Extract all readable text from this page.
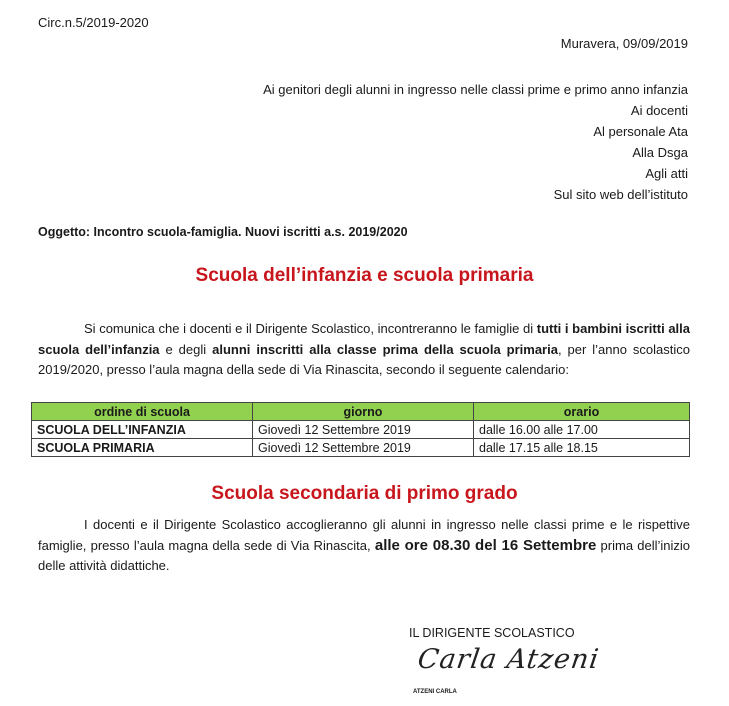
Circ.n.5/2019-2020
Muravera, 09/09/2019
Ai genitori degli alunni in ingresso nelle classi prime e primo anno infanzia
Ai docenti
Al personale Ata
Alla Dsga
Agli atti
Sul sito web dell’istituto
Oggetto: Incontro scuola-famiglia. Nuovi iscritti a.s. 2019/2020
Scuola dell’infanzia e scuola primaria
Si comunica che i docenti e il Dirigente Scolastico, incontreranno le famiglie di tutti i bambini iscritti alla scuola dell’infanzia e degli alunni inscritti alla classe prima della scuola primaria, per l’anno scolastico 2019/2020, presso l’aula magna della sede di Via Rinascita, secondo il seguente calendario:
ordine di scuola	giorno	orario
SCUOLA DELL’INFANZIA	Giovedì 12 Settembre 2019	dalle 16.00 alle 17.00
SCUOLA PRIMARIA	Giovedì 12 Settembre 2019	dalle 17.15 alle 18.15
Scuola secondaria di primo grado
I docenti e il Dirigente Scolastico accoglieranno gli alunni in ingresso nelle classi prime e le rispettive famiglie, presso l’aula magna della sede di Via Rinascita, alle ore 08.30 del 16 Settembre prima dell’inizio delle attività didattiche.
IL DIRIGENTE SCOLASTICO
Carla Atzeni
ATZENI CARLA
